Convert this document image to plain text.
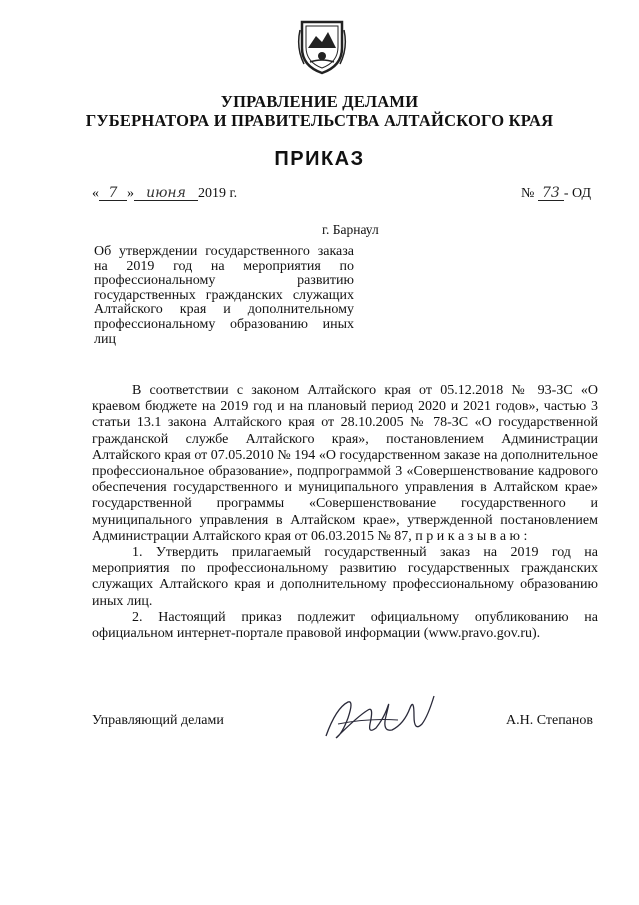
УПРАВЛЕНИЕ ДЕЛАМИ
ГУБЕРНАТОРА И ПРАВИТЕЛЬСТВА АЛТАЙСКОГО КРАЯ
ПРИКАЗ
« 7 » июня 2019 г.	№ 73 - ОД
г. Барнаул
Об утверждении государственного заказа на 2019 год на мероприятия по профессиональному развитию государственных гражданских служащих Алтайского края и дополнительному профессиональному образованию иных лиц

В соответствии с законом Алтайского края от 05.12.2018 № 93-ЗС «О краевом бюджете на 2019 год и на плановый период 2020 и 2021 годов», частью 3 статьи 13.1 закона Алтайского края от 28.10.2005 № 78-ЗС «О государственной гражданской службе Алтайского края», постановлением Администрации Алтайского края от 07.05.2010 № 194 «О государственном заказе на дополнительное профессиональное образование», подпрограммой 3 «Совершенствование кадрового обеспечения государственного и муниципального управления в Алтайском крае» государственной программы «Совершенствование государственного и муниципального управления в Алтайском крае», утвержденной постановлением Администрации Алтайского края от 06.03.2015 № 87, п р и к а з ы в а ю :

1. Утвердить прилагаемый государственный заказ на 2019 год на мероприятия по профессиональному развитию государственных гражданских служащих Алтайского края и дополнительному профессиональному образованию иных лиц.

2. Настоящий приказ подлежит официальному опубликованию на официальном интернет-портале правовой информации (www.pravo.gov.ru).

Управляющий делами	А.Н. Степанов
